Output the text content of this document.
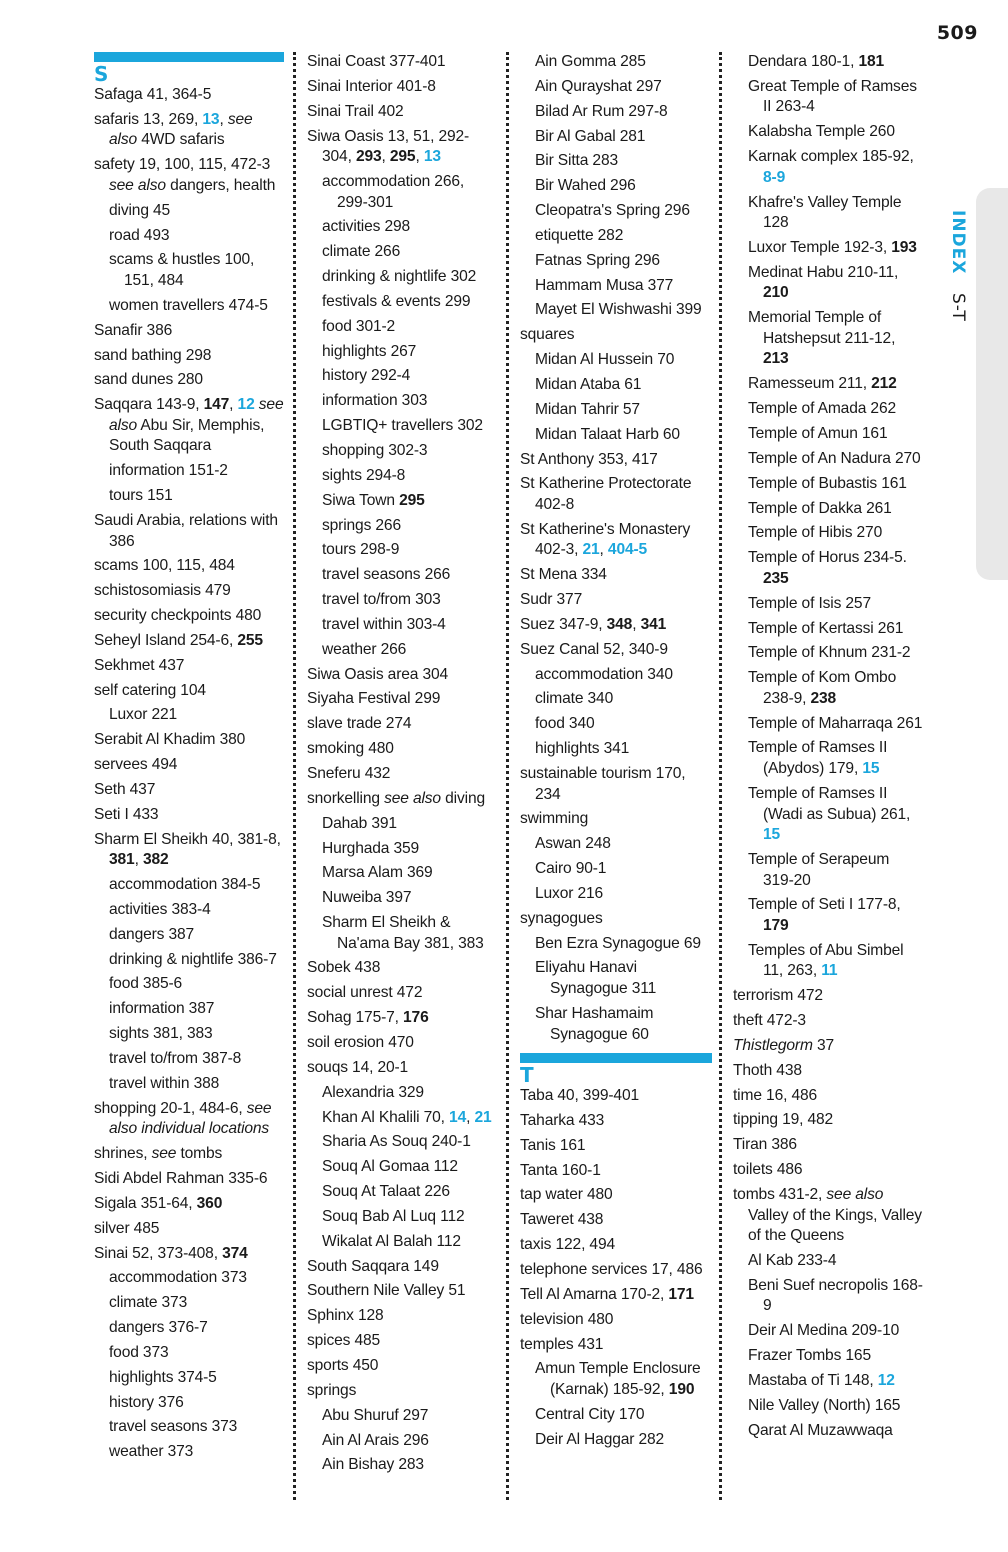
509
INDEX S-T
S
Safaga 41, 364-5
safaris 13, 269, 13, see also 4WD safaris
safety 19, 100, 115, 472-3 see also dangers, health
diving 45
road 493
scams & hustles 100, 151, 484
women travellers 474-5
Sanafir 386
sand bathing 298
sand dunes 280
Saqqara 143-9, 147, 12 see also Abu Sir, Memphis, South Saqqara
information 151-2
tours 151
Saudi Arabia, relations with 386
scams 100, 115, 484
schistosomiasis 479
security checkpoints 480
Seheyl Island 254-6, 255
Sekhmet 437
self catering 104
Luxor 221
Serabit Al Khadim 380
servees 494
Seth 437
Seti I 433
Sharm El Sheikh 40, 381-8, 381, 382
accommodation 384-5
activities 383-4
dangers 387
drinking & nightlife 386-7
food 385-6
information 387
sights 381, 383
travel to/from 387-8
travel within 388
shopping 20-1, 484-6, see also individual locations
shrines, see tombs
Sidi Abdel Rahman 335-6
Sigala 351-64, 360
silver 485
Sinai 52, 373-408, 374
accommodation 373
climate 373
dangers 376-7
food 373
highlights 374-5
history 376
travel seasons 373
weather 373
Sinai Coast 377-401
Sinai Interior 401-8
Sinai Trail 402
Siwa Oasis 13, 51, 292-304, 293, 295, 13
accommodation 266, 299-301
activities 298
climate 266
drinking & nightlife 302
festivals & events 299
food 301-2
highlights 267
history 292-4
information 303
LGBTIQ+ travellers 302
shopping 302-3
sights 294-8
Siwa Town 295
springs 266
tours 298-9
travel seasons 266
travel to/from 303
travel within 303-4
weather 266
Siwa Oasis area 304
Siyaha Festival 299
slave trade 274
smoking 480
Sneferu 432
snorkelling see also diving
Dahab 391
Hurghada 359
Marsa Alam 369
Nuweiba 397
Sharm El Sheikh & Na'ama Bay 381, 383
Sobek 438
social unrest 472
Sohag 175-7, 176
soil erosion 470
souqs 14, 20-1
Alexandria 329
Khan Al Khalili 70, 14, 21
Sharia As Souq 240-1
Souq Al Gomaa 112
Souq At Talaat 226
Souq Bab Al Luq 112
Wikalat Al Balah 112
South Saqqara 149
Southern Nile Valley 51
Sphinx 128
spices 485
sports 450
springs
Abu Shuruf 297
Ain Al Arais 296
Ain Bishay 283
Ain Gomma 285
Ain Qurayshat 297
Bilad Ar Rum 297-8
Bir Al Gabal 281
Bir Sitta 283
Bir Wahed 296
Cleopatra's Spring 296
etiquette 282
Fatnas Spring 296
Hammam Musa 377
Mayet El Wishwashi 399
squares
Midan Al Hussein 70
Midan Ataba 61
Midan Tahrir 57
Midan Talaat Harb 60
St Anthony 353, 417
St Katherine Protectorate 402-8
St Katherine's Monastery 402-3, 21, 404-5
St Mena 334
Sudr 377
Suez 347-9, 348, 341
Suez Canal 52, 340-9
accommodation 340
climate 340
food 340
highlights 341
sustainable tourism 170, 234
swimming
Aswan 248
Cairo 90-1
Luxor 216
synagogues
Ben Ezra Synagogue 69
Eliyahu Hanavi Synagogue 311
Shar Hashamaim Synagogue 60
T
Taba 40, 399-401
Taharka 433
Tanis 161
Tanta 160-1
tap water 480
Taweret 438
taxis 122, 494
telephone services 17, 486
Tell Al Amarna 170-2, 171
television 480
temples 431
Amun Temple Enclosure (Karnak) 185-92, 190
Central City 170
Deir Al Haggar 282
Dendara 180-1, 181
Great Temple of Ramses II 263-4
Kalabsha Temple 260
Karnak complex 185-92, 8-9
Khafre's Valley Temple 128
Luxor Temple 192-3, 193
Medinat Habu 210-11, 210
Memorial Temple of Hatshepsut 211-12, 213
Ramesseum 211, 212
Temple of Amada 262
Temple of Amun 161
Temple of An Nadura 270
Temple of Bubastis 161
Temple of Dakka 261
Temple of Hibis 270
Temple of Horus 234-5. 235
Temple of Isis 257
Temple of Kertassi 261
Temple of Khnum 231-2
Temple of Kom Ombo 238-9, 238
Temple of Maharraqa 261
Temple of Ramses II (Abydos) 179, 15
Temple of Ramses II (Wadi as Subua) 261, 15
Temple of Serapeum 319-20
Temple of Seti I 177-8, 179
Temples of Abu Simbel 11, 263, 11
terrorism 472
theft 472-3
Thistlegorm 37
Thoth 438
time 16, 486
tipping 19, 482
Tiran 386
toilets 486
tombs 431-2, see also Valley of the Kings, Valley of the Queens
Al Kab 233-4
Beni Suef necropolis 168-9
Deir Al Medina 209-10
Frazer Tombs 165
Mastaba of Ti 148, 12
Nile Valley (North) 165
Qarat Al Muzawwaqa
